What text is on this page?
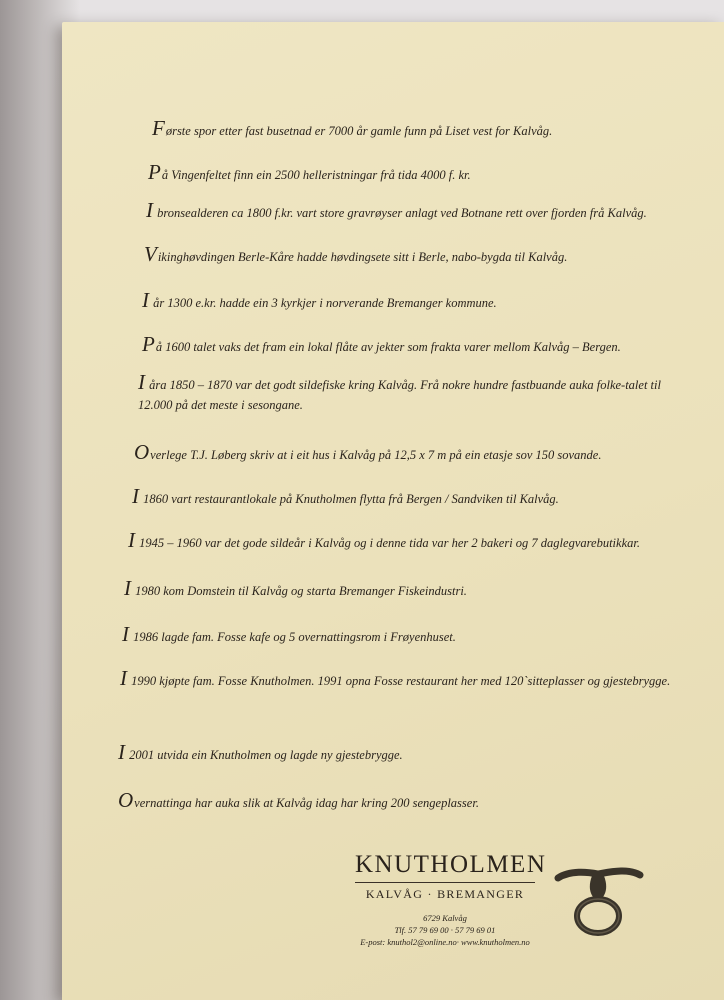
Første spor etter fast busetnad er 7000 år gamle funn på Liset vest for Kalvåg.

På Vingenfeltet finn ein 2500 helleristningar frå tida 4000 f. kr.

I bronsealderen ca 1800 f.kr. vart store gravrøyser anlagt ved Botnane rett over fjorden frå Kalvåg.

Vikinghøvdingen Berle-Kåre hadde høvdingsete sitt i Berle, nabo-bygda til Kalvåg.

I år 1300 e.kr. hadde ein 3 kyrkjer i norverande Bremanger kommune.

På 1600 talet vaks det fram ein lokal flåte av jekter som frakta varer mellom Kalvåg – Bergen.

I åra 1850 – 1870 var det godt sildefiske kring Kalvåg. Frå nokre hundre fastbuande auka folke-talet til 12.000 på det meste i sesongane.

Overlege T.J. Løberg skriv at i eit hus i Kalvåg på 12,5 x 7 m på ein etasje sov 150 sovande.

I 1860 vart restaurantlokale på Knutholmen flytta frå Bergen / Sandviken til Kalvåg.

I 1945 – 1960 var det gode sildeår i Kalvåg og i denne tida var her 2 bakeri og 7 daglegvarebutikkar.

I 1980 kom Domstein til Kalvåg og starta Bremanger Fiskeindustri.

I 1986 lagde fam. Fosse kafe og 5 overnattingsrom i Frøyenhuset.

I 1990 kjøpte fam. Fosse Knutholmen. 1991 opna Fosse restaurant her med 120`sitteplasser og gjestebrygge.

I 2001 utvida ein Knutholmen og lagde ny gjestebrygge.

Overnattinga har auka slik at Kalvåg idag har kring 200 sengeplasser.

KNUTHOLMEN
KALVÅG · BREMANGER
6729 Kalvåg
Tlf. 57 79 69 00 · 57 79 69 01
E-post: knuthol2@online.no· www.knutholmen.no
